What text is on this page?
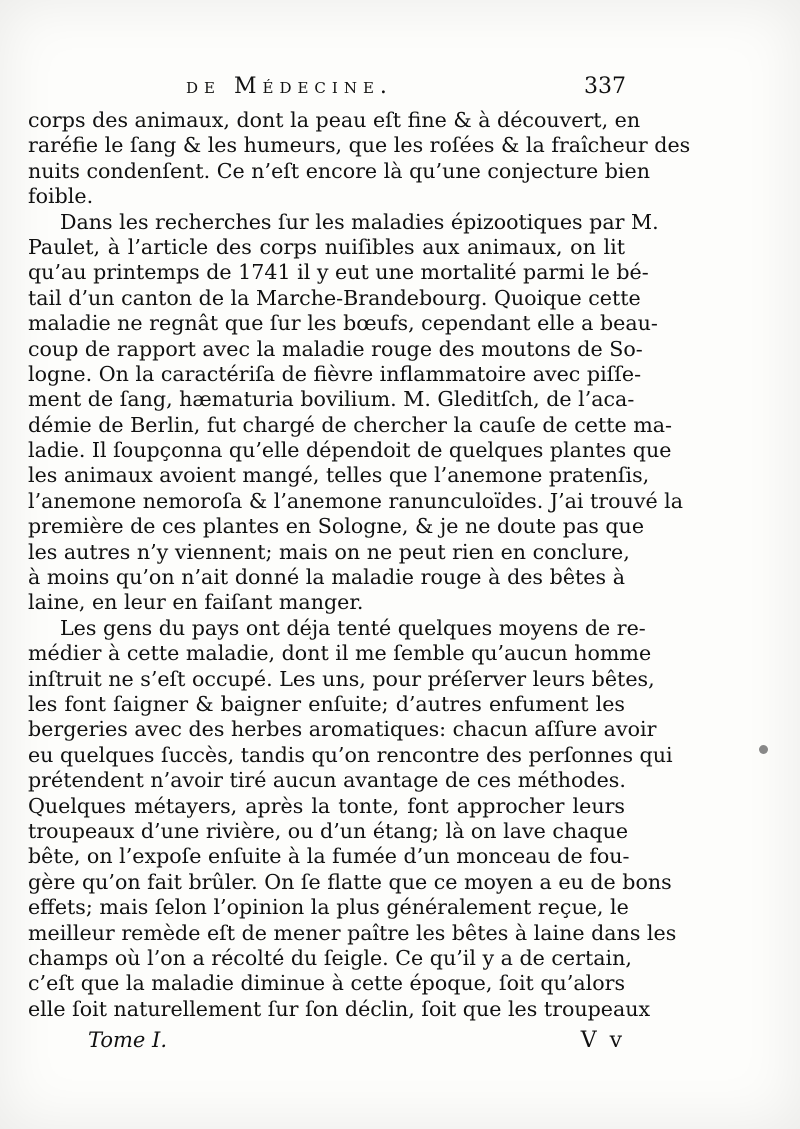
de Médecine.	337
corps des animaux, dont la peau eſt fine & à découvert, en
raréfie le ſang & les humeurs, que les roſées & la fraîcheur des
nuits condenſent. Ce n’eſt encore là qu’une conjecture bien
foible.
Dans les recherches ſur les maladies épizootiques par M.
Paulet, à l’article des corps nuiſibles aux animaux, on lit
qu’au printemps de 1741 il y eut une mortalité parmi le bé-
tail d’un canton de la Marche-Brandebourg. Quoique cette
maladie ne regnât que ſur les bœufs, cependant elle a beau-
coup de rapport avec la maladie rouge des moutons de So-
logne. On la caractériſa de fièvre inflammatoire avec piſſe-
ment de ſang, hæmaturia bovilium. M. Gleditſch, de l’aca-
démie de Berlin, fut chargé de chercher la cauſe de cette ma-
ladie. Il ſoupçonna qu’elle dépendoit de quelques plantes que
les animaux avoient mangé, telles que l’anemone pratenſis,
l’anemone nemoroſa & l’anemone ranunculoïdes. J’ai trouvé la
première de ces plantes en Sologne, & je ne doute pas que
les autres n’y viennent; mais on ne peut rien en conclure,
à moins qu’on n’ait donné la maladie rouge à des bêtes à
laine, en leur en faiſant manger.
Les gens du pays ont déja tenté quelques moyens de re-
médier à cette maladie, dont il me ſemble qu’aucun homme
inſtruit ne s’eſt occupé. Les uns, pour préſerver leurs bêtes,
les font ſaigner & baigner enſuite; d’autres enfument les
bergeries avec des herbes aromatiques: chacun aſſure avoir
eu quelques ſuccès, tandis qu’on rencontre des perſonnes qui
prétendent n’avoir tiré aucun avantage de ces méthodes.
Quelques métayers, après la tonte, font approcher leurs
troupeaux d’une rivière, ou d’un étang; là on lave chaque
bête, on l’expoſe enſuite à la fumée d’un monceau de fou-
gère qu’on fait brûler. On ſe flatte que ce moyen a eu de bons
effets; mais ſelon l’opinion la plus généralement reçue, le
meilleur remède eſt de mener paître les bêtes à laine dans les
champs où l’on a récolté du ſeigle. Ce qu’il y a de certain,
c’eſt que la maladie diminue à cette époque, ſoit qu’alors
elle ſoit naturellement ſur ſon déclin, ſoit que les troupeaux
Tome I.	V v
